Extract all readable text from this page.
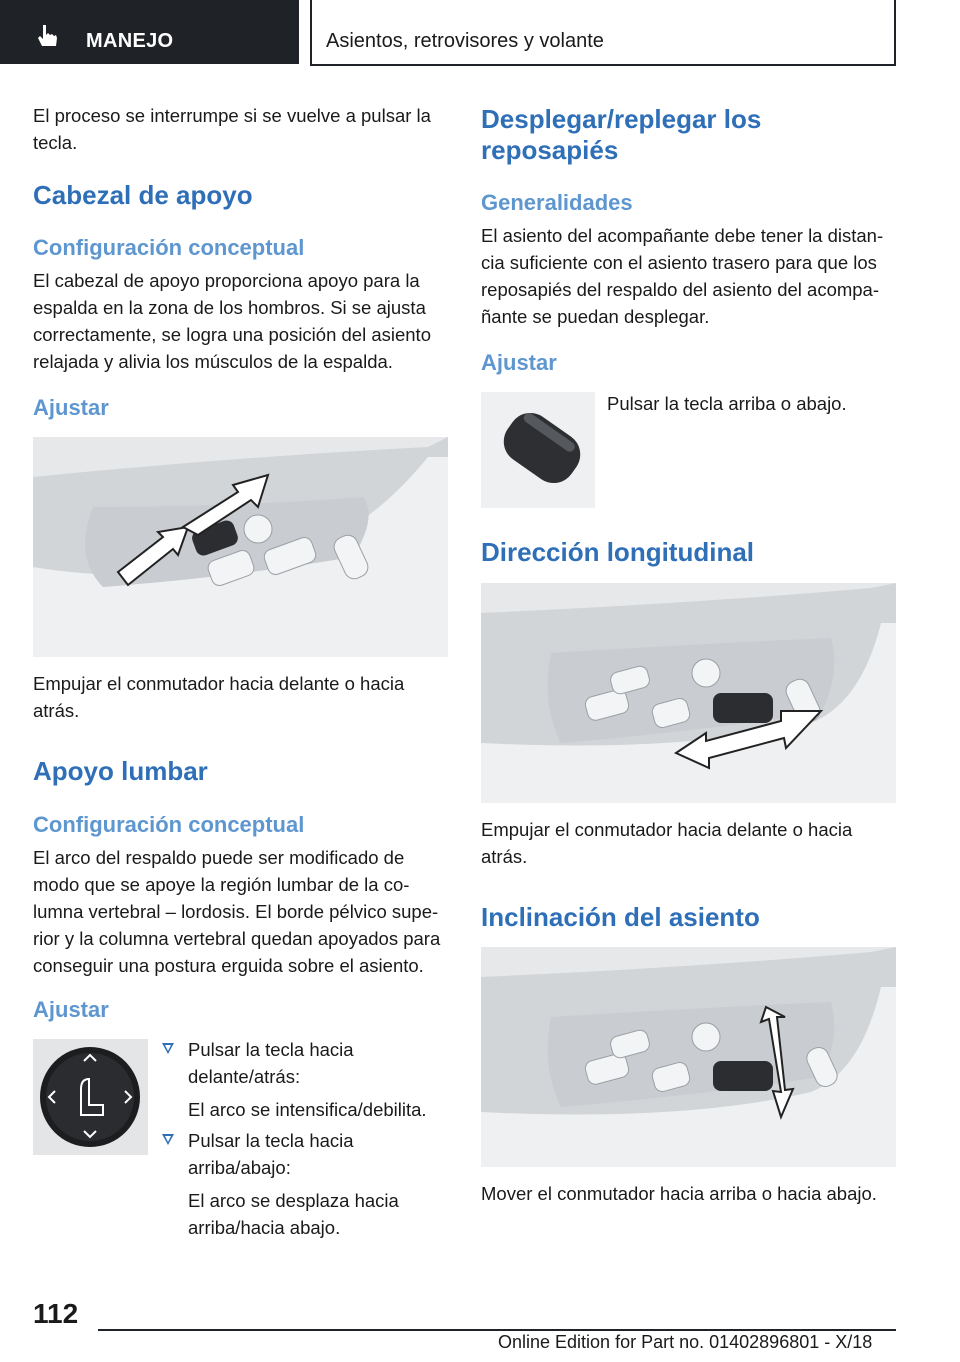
MANEJO	Asientos, retrovisores y volante

El proceso se interrumpe si se vuelve a pulsar la tecla.

Cabezal de apoyo
Configuración conceptual

El cabezal de apoyo proporciona apoyo para la espalda en la zona de los hombros. Si se ajusta correctamente, se logra una posición del asiento relajada y alivia los músculos de la espalda.

Ajustar

Empujar el conmutador hacia delante o hacia atrás.

Apoyo lumbar
Configuración conceptual

El arco del respaldo puede ser modificado de modo que se apoye la región lumbar de la co-lumna vertebral – lordosis. El borde pélvico supe-rior y la columna vertebral quedan apoyados para conseguir una postura erguida sobre el asiento.

Ajustar
Pulsar la tecla hacia delante/atrás:
El arco se intensifica/debilita.
Pulsar la tecla hacia arriba/abajo:
El arco se desplaza hacia arriba/hacia abajo.
Desplegar/replegar los reposapiés
Generalidades

El asiento del acompañante debe tener la distan-cia suficiente con el asiento trasero para que los reposapiés del respaldo del asiento del acompa-ñante se puedan desplegar.

Ajustar

Pulsar la tecla arriba o abajo.

Dirección longitudinal

Empujar el conmutador hacia delante o hacia atrás.

Inclinación del asiento

Mover el conmutador hacia arriba o hacia abajo.

112
Online Edition for Part no. 01402896801 - X/18
